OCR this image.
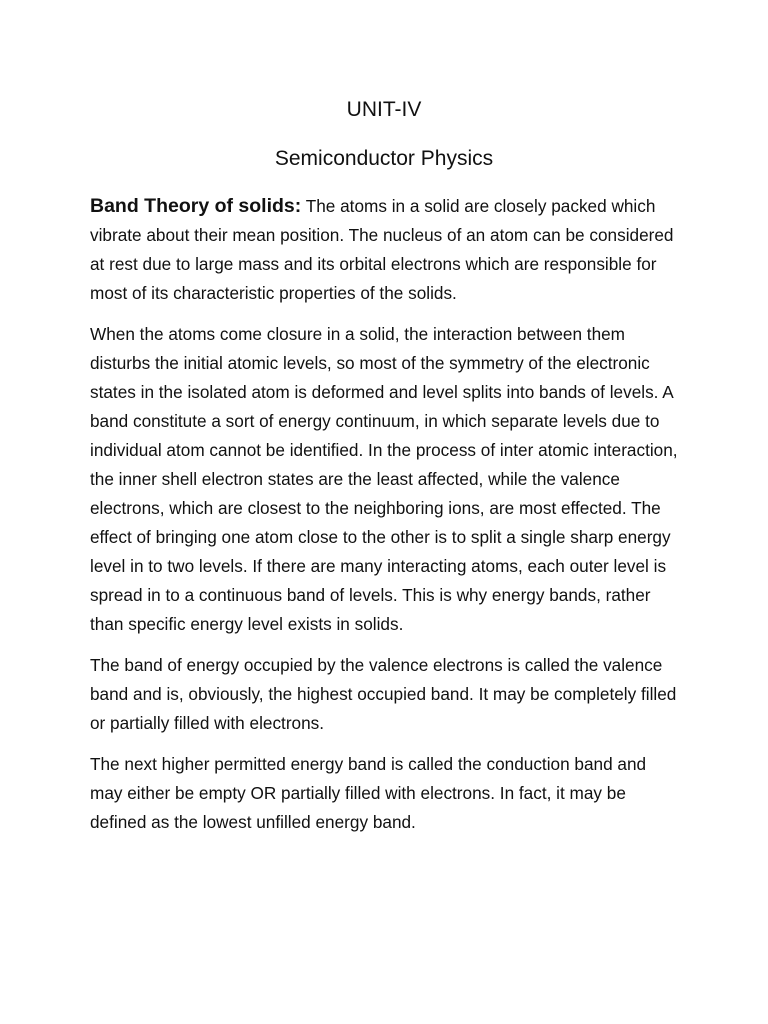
UNIT-IV
Semiconductor Physics

Band Theory of solids: The atoms in a solid are closely packed which vibrate about their mean position. The nucleus of an atom can be considered at rest due to large mass and its orbital electrons which are responsible for most of its characteristic properties of the solids.

When the atoms come closure in a solid, the interaction between them disturbs the initial atomic levels, so most of the symmetry of the electronic states in the isolated atom is deformed and level splits into bands of levels. A band constitute a sort of energy continuum, in which separate levels due to individual atom cannot be identified. In the process of inter atomic interaction, the inner shell electron states are the least affected, while the valence electrons, which are closest to the neighboring ions, are most effected. The effect of bringing one atom close to the other is to split a single sharp energy level in to two levels. If there are many interacting atoms, each outer level is spread in to a continuous band of levels. This is why energy bands, rather than specific energy level exists in solids.

The band of energy occupied by the valence electrons is called the valence band and is, obviously, the highest occupied band. It may be completely filled or partially filled with electrons.

The next higher permitted energy band is called the conduction band and may either be empty OR partially filled with electrons. In fact, it may be defined as the lowest unfilled energy band.
